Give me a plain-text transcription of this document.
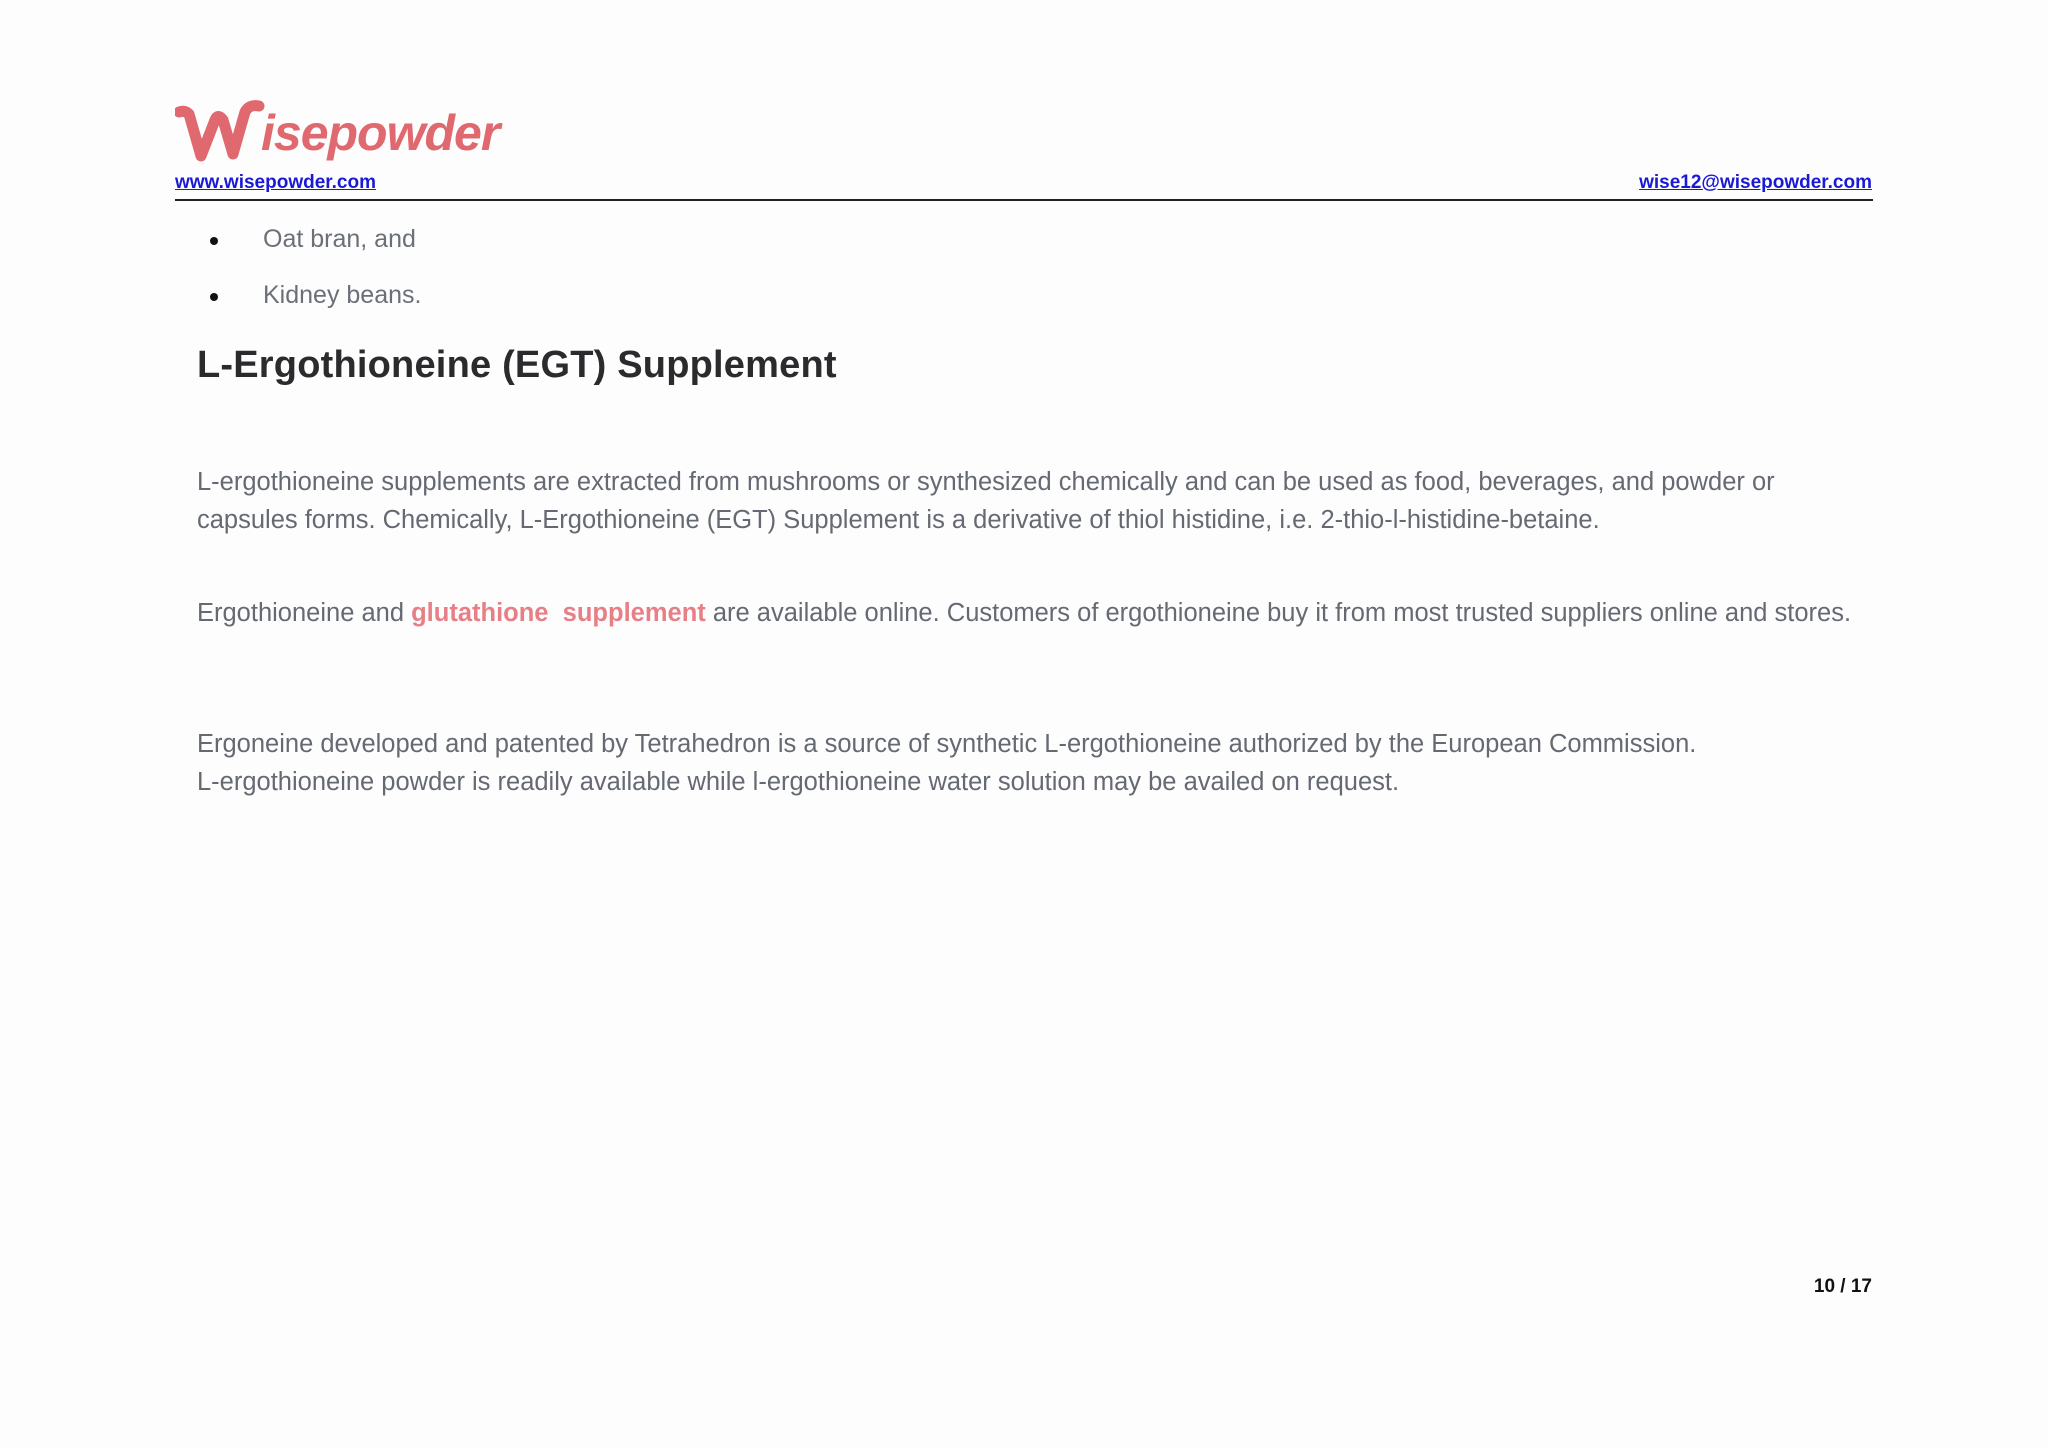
isepowder
www.wisepowder.com	wise12@wisepowder.com
Oat bran, and
Kidney beans.
L-Ergothioneine (EGT) Supplement

L-ergothioneine supplements are extracted from mushrooms or synthesized chemically and can be used as food, beverages, and powder or capsules forms. Chemically, L-Ergothioneine (EGT) Supplement is a derivative of thiol histidine, i.e. 2-thio-l-histidine-betaine.

Ergothioneine and glutathione supplement are available online. Customers of ergothioneine buy it from most trusted suppliers online and stores.

Ergoneine developed and patented by Tetrahedron is a source of synthetic L-ergothioneine authorized by the European Commission.   L-ergothioneine powder is readily available while l-ergothioneine water solution may be availed on request.

10 / 17
